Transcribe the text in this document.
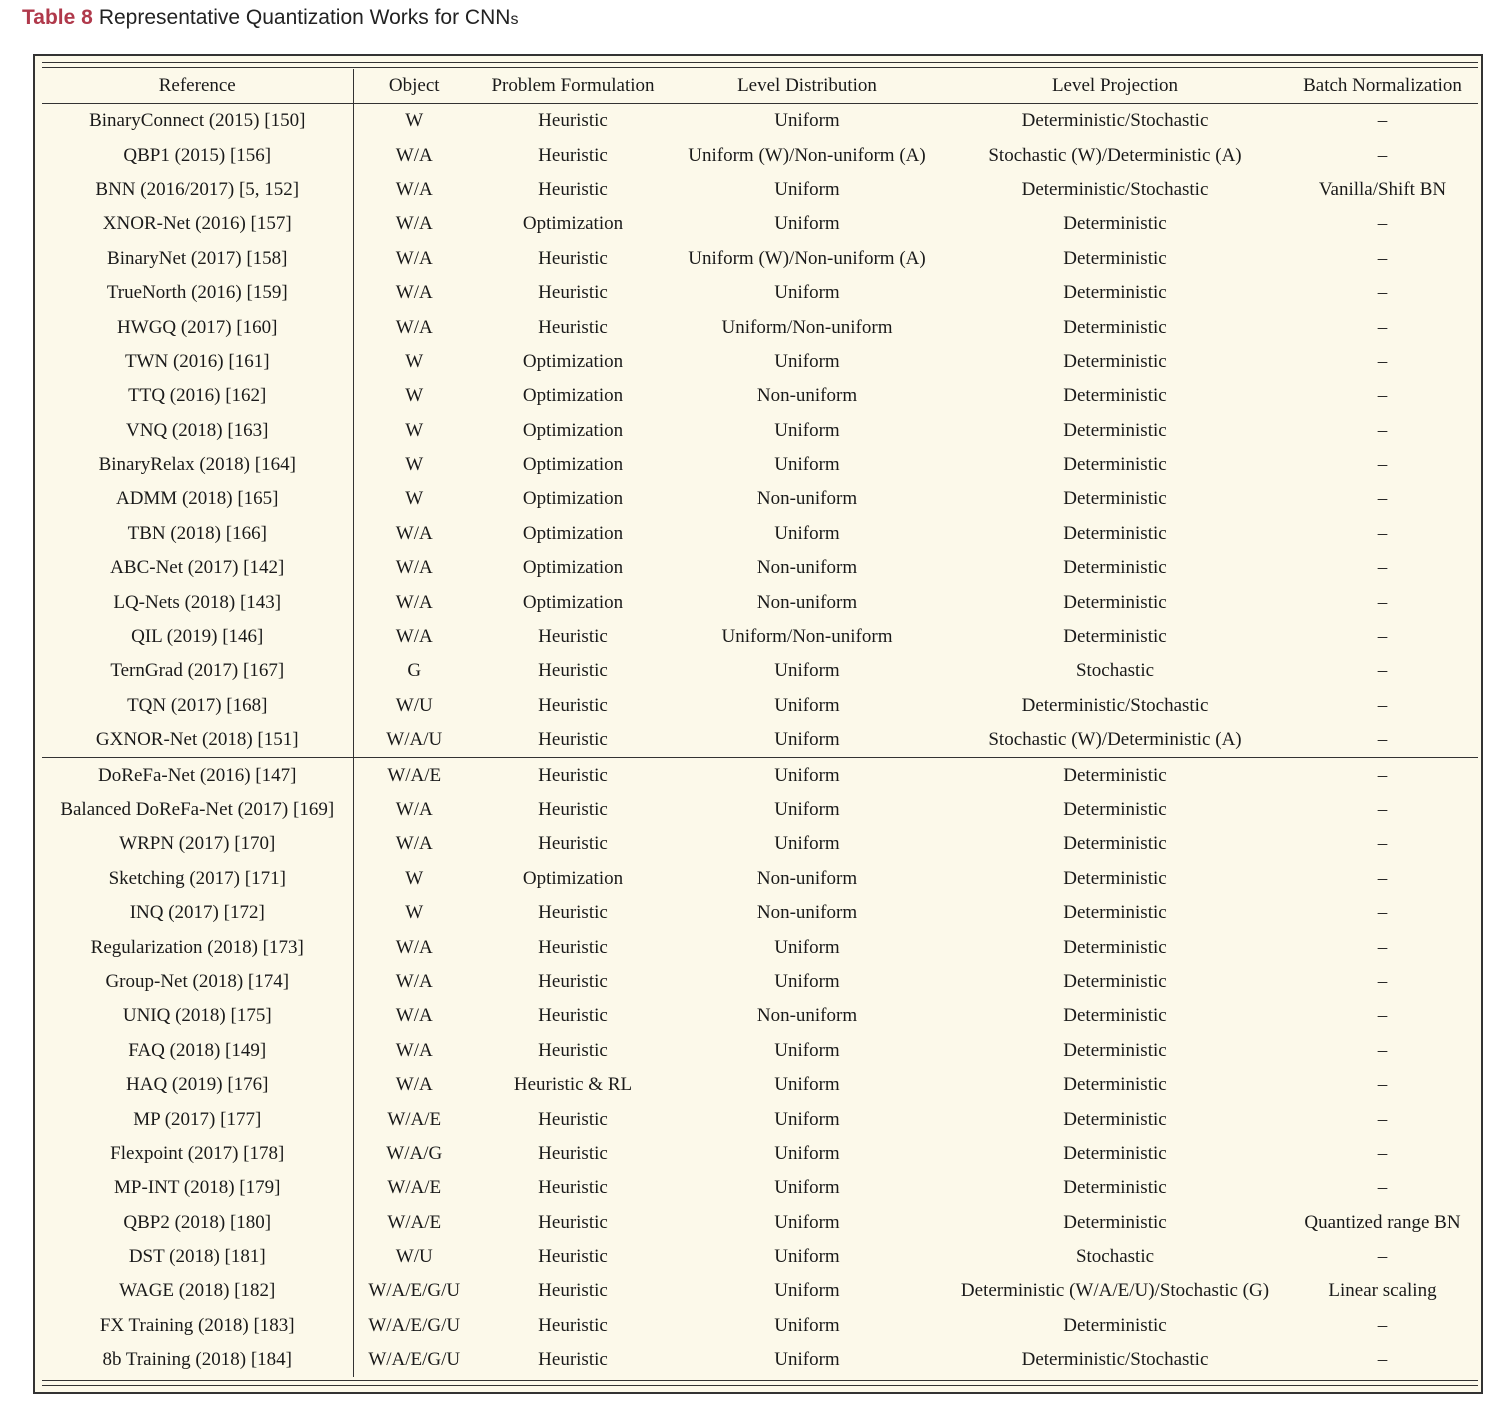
Table 8 Representative Quantization Works for CNNs
Reference	Object	Problem Formulation	Level Distribution	Level Projection	Batch Normalization
BinaryConnect (2015) [150]	W	Heuristic	Uniform	Deterministic/Stochastic	–
QBP1 (2015) [156]	W/A	Heuristic	Uniform (W)/Non-uniform (A)	Stochastic (W)/Deterministic (A)	–
BNN (2016/2017) [5, 152]	W/A	Heuristic	Uniform	Deterministic/Stochastic	Vanilla/Shift BN
XNOR-Net (2016) [157]	W/A	Optimization	Uniform	Deterministic	–
BinaryNet (2017) [158]	W/A	Heuristic	Uniform (W)/Non-uniform (A)	Deterministic	–
TrueNorth (2016) [159]	W/A	Heuristic	Uniform	Deterministic	–
HWGQ (2017) [160]	W/A	Heuristic	Uniform/Non-uniform	Deterministic	–
TWN (2016) [161]	W	Optimization	Uniform	Deterministic	–
TTQ (2016) [162]	W	Optimization	Non-uniform	Deterministic	–
VNQ (2018) [163]	W	Optimization	Uniform	Deterministic	–
BinaryRelax (2018) [164]	W	Optimization	Uniform	Deterministic	–
ADMM (2018) [165]	W	Optimization	Non-uniform	Deterministic	–
TBN (2018) [166]	W/A	Optimization	Uniform	Deterministic	–
ABC-Net (2017) [142]	W/A	Optimization	Non-uniform	Deterministic	–
LQ-Nets (2018) [143]	W/A	Optimization	Non-uniform	Deterministic	–
QIL (2019) [146]	W/A	Heuristic	Uniform/Non-uniform	Deterministic	–
TernGrad (2017) [167]	G	Heuristic	Uniform	Stochastic	–
TQN (2017) [168]	W/U	Heuristic	Uniform	Deterministic/Stochastic	–
GXNOR-Net (2018) [151]	W/A/U	Heuristic	Uniform	Stochastic (W)/Deterministic (A)	–
DoReFa-Net (2016) [147]	W/A/E	Heuristic	Uniform	Deterministic	–
Balanced DoReFa-Net (2017) [169]	W/A	Heuristic	Uniform	Deterministic	–
WRPN (2017) [170]	W/A	Heuristic	Uniform	Deterministic	–
Sketching (2017) [171]	W	Optimization	Non-uniform	Deterministic	–
INQ (2017) [172]	W	Heuristic	Non-uniform	Deterministic	–
Regularization (2018) [173]	W/A	Heuristic	Uniform	Deterministic	–
Group-Net (2018) [174]	W/A	Heuristic	Uniform	Deterministic	–
UNIQ (2018) [175]	W/A	Heuristic	Non-uniform	Deterministic	–
FAQ (2018) [149]	W/A	Heuristic	Uniform	Deterministic	–
HAQ (2019) [176]	W/A	Heuristic & RL	Uniform	Deterministic	–
MP (2017) [177]	W/A/E	Heuristic	Uniform	Deterministic	–
Flexpoint (2017) [178]	W/A/G	Heuristic	Uniform	Deterministic	–
MP-INT (2018) [179]	W/A/E	Heuristic	Uniform	Deterministic	–
QBP2 (2018) [180]	W/A/E	Heuristic	Uniform	Deterministic	Quantized range BN
DST (2018) [181]	W/U	Heuristic	Uniform	Stochastic	–
WAGE (2018) [182]	W/A/E/G/U	Heuristic	Uniform	Deterministic (W/A/E/U)/Stochastic (G)	Linear scaling
FX Training (2018) [183]	W/A/E/G/U	Heuristic	Uniform	Deterministic	–
8b Training (2018) [184]	W/A/E/G/U	Heuristic	Uniform	Deterministic/Stochastic	–
